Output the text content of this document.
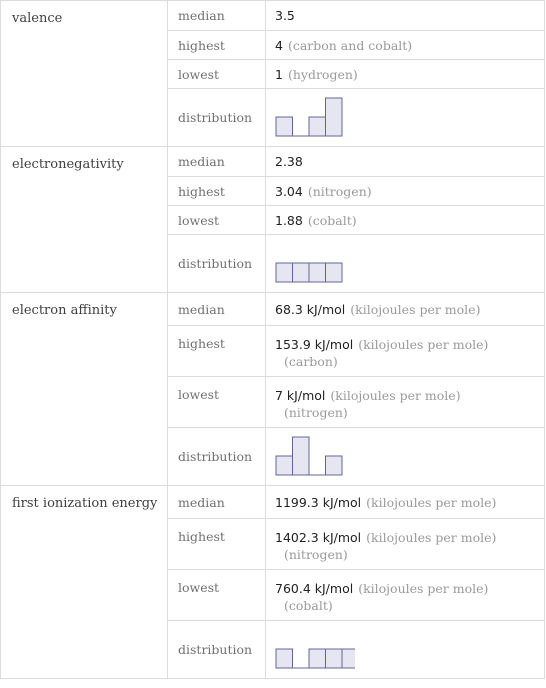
valence	median	3.5
	highest	4 (carbon and cobalt)
	lowest	1 (hydrogen)
	distribution	

electronegativity	median	2.38
	highest	3.04 (nitrogen)
	lowest	1.88 (cobalt)
	distribution	

electron affinity	median	68.3 kJ/mol (kilojoules per mole)
	highest	153.9 kJ/mol (kilojoules per mole)
(carbon)

	lowest	7 kJ/mol (kilojoules per mole)
(nitrogen)

	distribution	

first ionization energy	median	1199.3 kJ/mol (kilojoules per mole)
	highest	1402.3 kJ/mol (kilojoules per mole)
(nitrogen)

	lowest	760.4 kJ/mol (kilojoules per mole)
(cobalt)

	distribution	
